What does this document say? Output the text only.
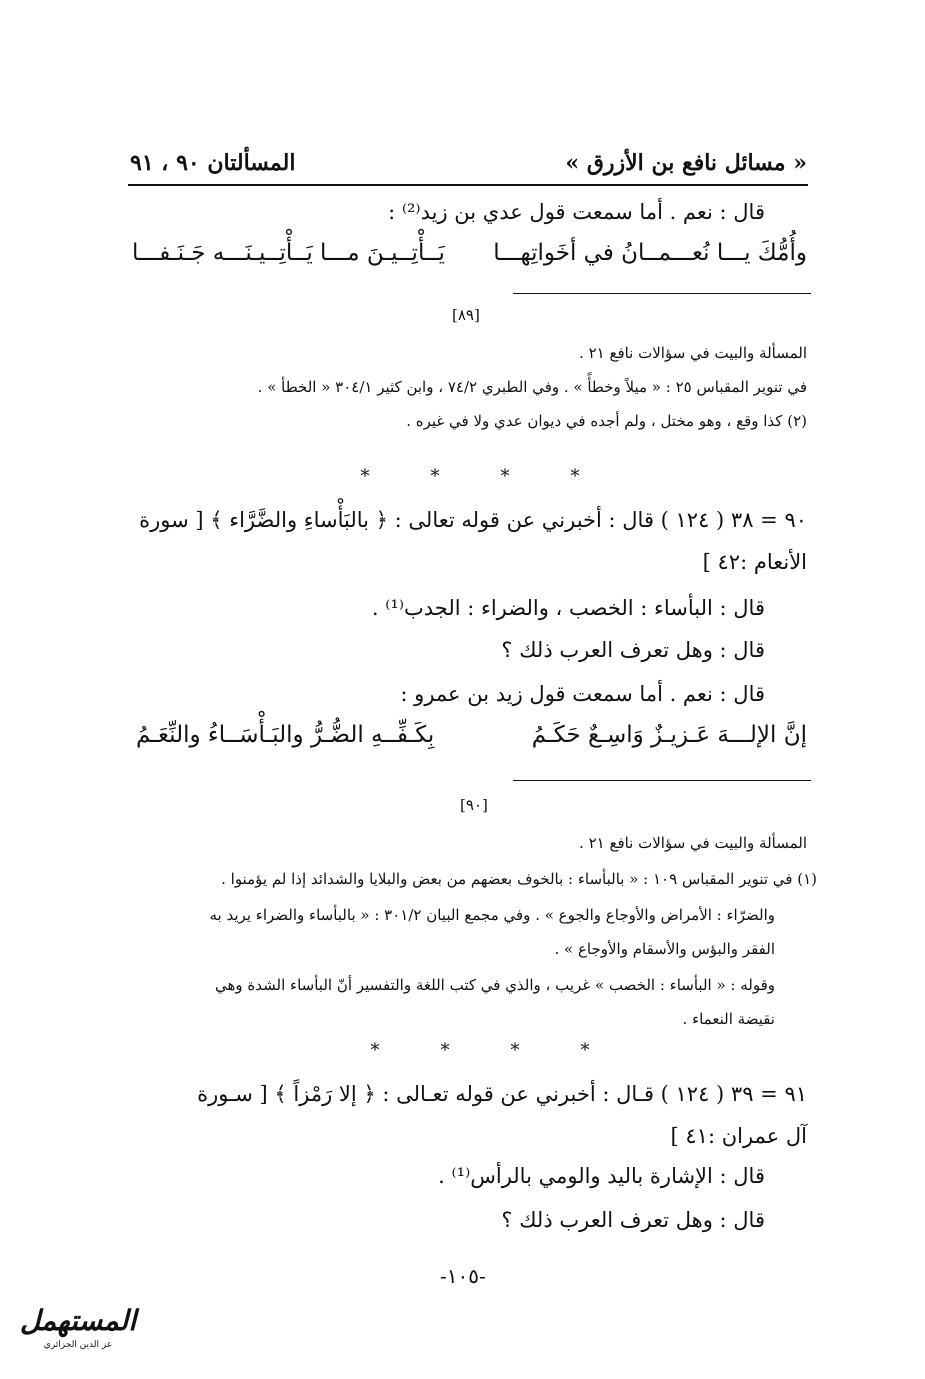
« مسائل نافع بن الأزرق »
المسألتان ٩٠ ، ٩١
قال : نعم . أما سمعت قول عدي بن زيد⁽²⁾ :
وأُمُّكَ يـــا نُعـــمــانُ في أخَواتِهـــا
يَــأْتِــيـنَ مـــا يَــأْتِــيـنَـــه جَـنَـفـــا
[٨٩]
المسألة والبيت في سؤالات نافع ٢١ .
في تنوير المقباس ٢٥ : « ميلاً وخطأً » . وفي الطبري ٧٤/٢ ، وابن كثير ٣٠٤/١ « الخطأ » .
(٢) كذا وقع ، وهو مختل ، ولم أجده في ديوان عدي ولا في غيره .
*	*	*	*
٩٠ = ٣٨ ( ١٢٤ ) قال : أخبرني عن قوله تعالى : ﴿ بالبَأْساءِ والضَّرَّاء ﴾ [ سورة
الأنعام :٤٢ ]
قال : البأساء : الخصب ، والضراء : الجدب⁽¹⁾ .
قال : وهل تعرف العرب ذلك ؟
قال : نعم . أما سمعت قول زيد بن عمرو :
إنَّ الإلـــهَ عَـزيـزٌ وَاسِـعٌ حَكَـمُ
بِكَـفِّــهِ الضُّـرُّ والبَـأْسَــاءُ والنِّعَـمُ
[٩٠]
المسألة والبيت في سؤالات نافع ٢١ .
(١) في تنوير المقباس ١٠٩ : « بالبأساء : بالخوف بعضهم من بعض والبلايا والشدائد إذا لم يؤمنوا .
والضرّاء : الأمراض والأوجاع والجوع » . وفي مجمع البيان ٣٠١/٢ : « بالبأساء والضراء يريد به
الفقر والبؤس والأسقام والأوجاع » .
وقوله : « البأساء : الخصب » غريب ، والذي في كتب اللغة والتفسير أنّ البأساء الشدة وهي
نقيضة النعماء .
*	*	*	*
٩١ = ٣٩ ( ١٢٤ ) قـال : أخبرني عن قوله تعـالى : ﴿ إلا رَمْزاً ﴾ [ سـورة
آل عمران :٤١ ]
قال : الإشارة باليد والومي بالرأس⁽¹⁾ .
قال : وهل تعرف العرب ذلك ؟
-١٠٥-
المستهمل
عز الدين الجزائري
